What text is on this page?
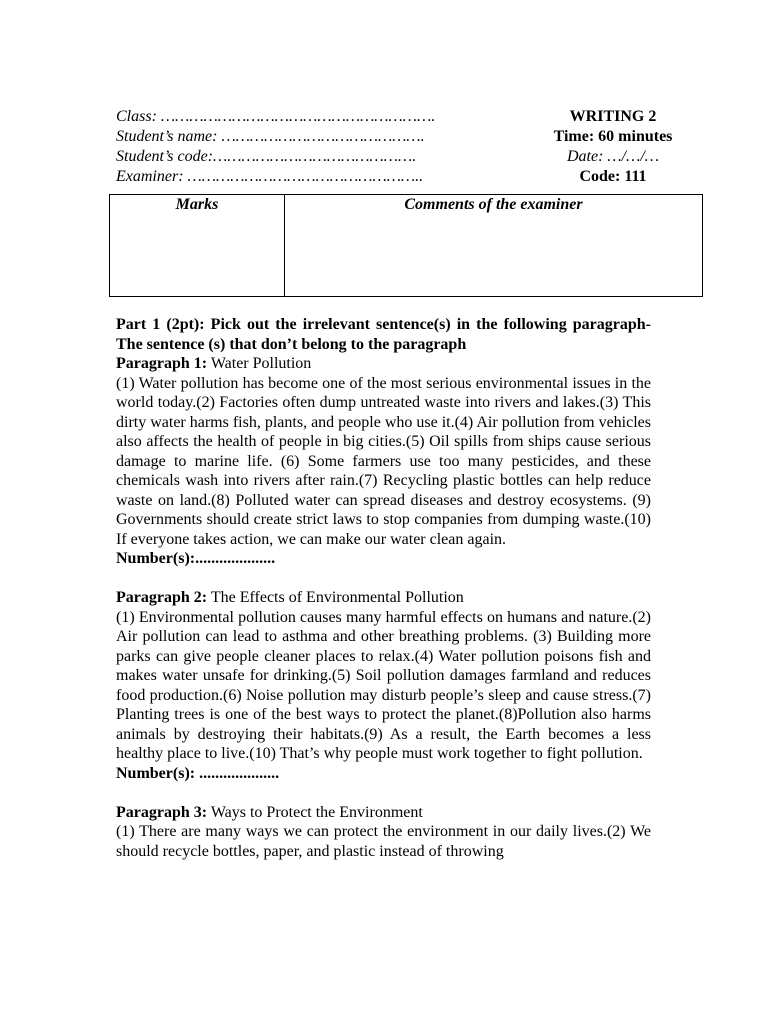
Class: ………………………………………………….	WRITING 2
Student’s name: …………………………………….	Time: 60 minutes
Student’s code:…………………………………….	Date: …/…/…
Examiner: …………………………………………..	Code: 111
Marks	Comments of the examiner

Part 1 (2pt): Pick out the irrelevant sentence(s) in the following paragraph- The sentence (s) that don’t belong to the paragraph

Paragraph 1: Water Pollution

(1) Water pollution has become one of the most serious environmental issues in the world today.(2) Factories often dump untreated waste into rivers and lakes.(3) This dirty water harms fish, plants, and people who use it.(4) Air pollution from vehicles also affects the health of people in big cities.(5) Oil spills from ships cause serious damage to marine life. (6) Some farmers use too many pesticides, and these chemicals wash into rivers after rain.(7) Recycling plastic bottles can help reduce waste on land.(8) Polluted water can spread diseases and destroy ecosystems. (9) Governments should create strict laws to stop companies from dumping waste.(10) If everyone takes action, we can make our water clean again.

Number(s):....................

Paragraph 2: The Effects of Environmental Pollution

(1) Environmental pollution causes many harmful effects on humans and nature.(2) Air pollution can lead to asthma and other breathing problems. (3) Building more parks can give people cleaner places to relax.(4) Water pollution poisons fish and makes water unsafe for drinking.(5) Soil pollution damages farmland and reduces food production.(6) Noise pollution may disturb people’s sleep and cause stress.(7) Planting trees is one of the best ways to protect the planet.(8)Pollution also harms animals by destroying their habitats.(9) As a result, the Earth becomes a less healthy place to live.(10) That’s why people must work together to fight pollution.

Number(s): ....................

Paragraph 3: Ways to Protect the Environment

(1) There are many ways we can protect the environment in our daily lives.(2) We should recycle bottles, paper, and plastic instead of throwing
